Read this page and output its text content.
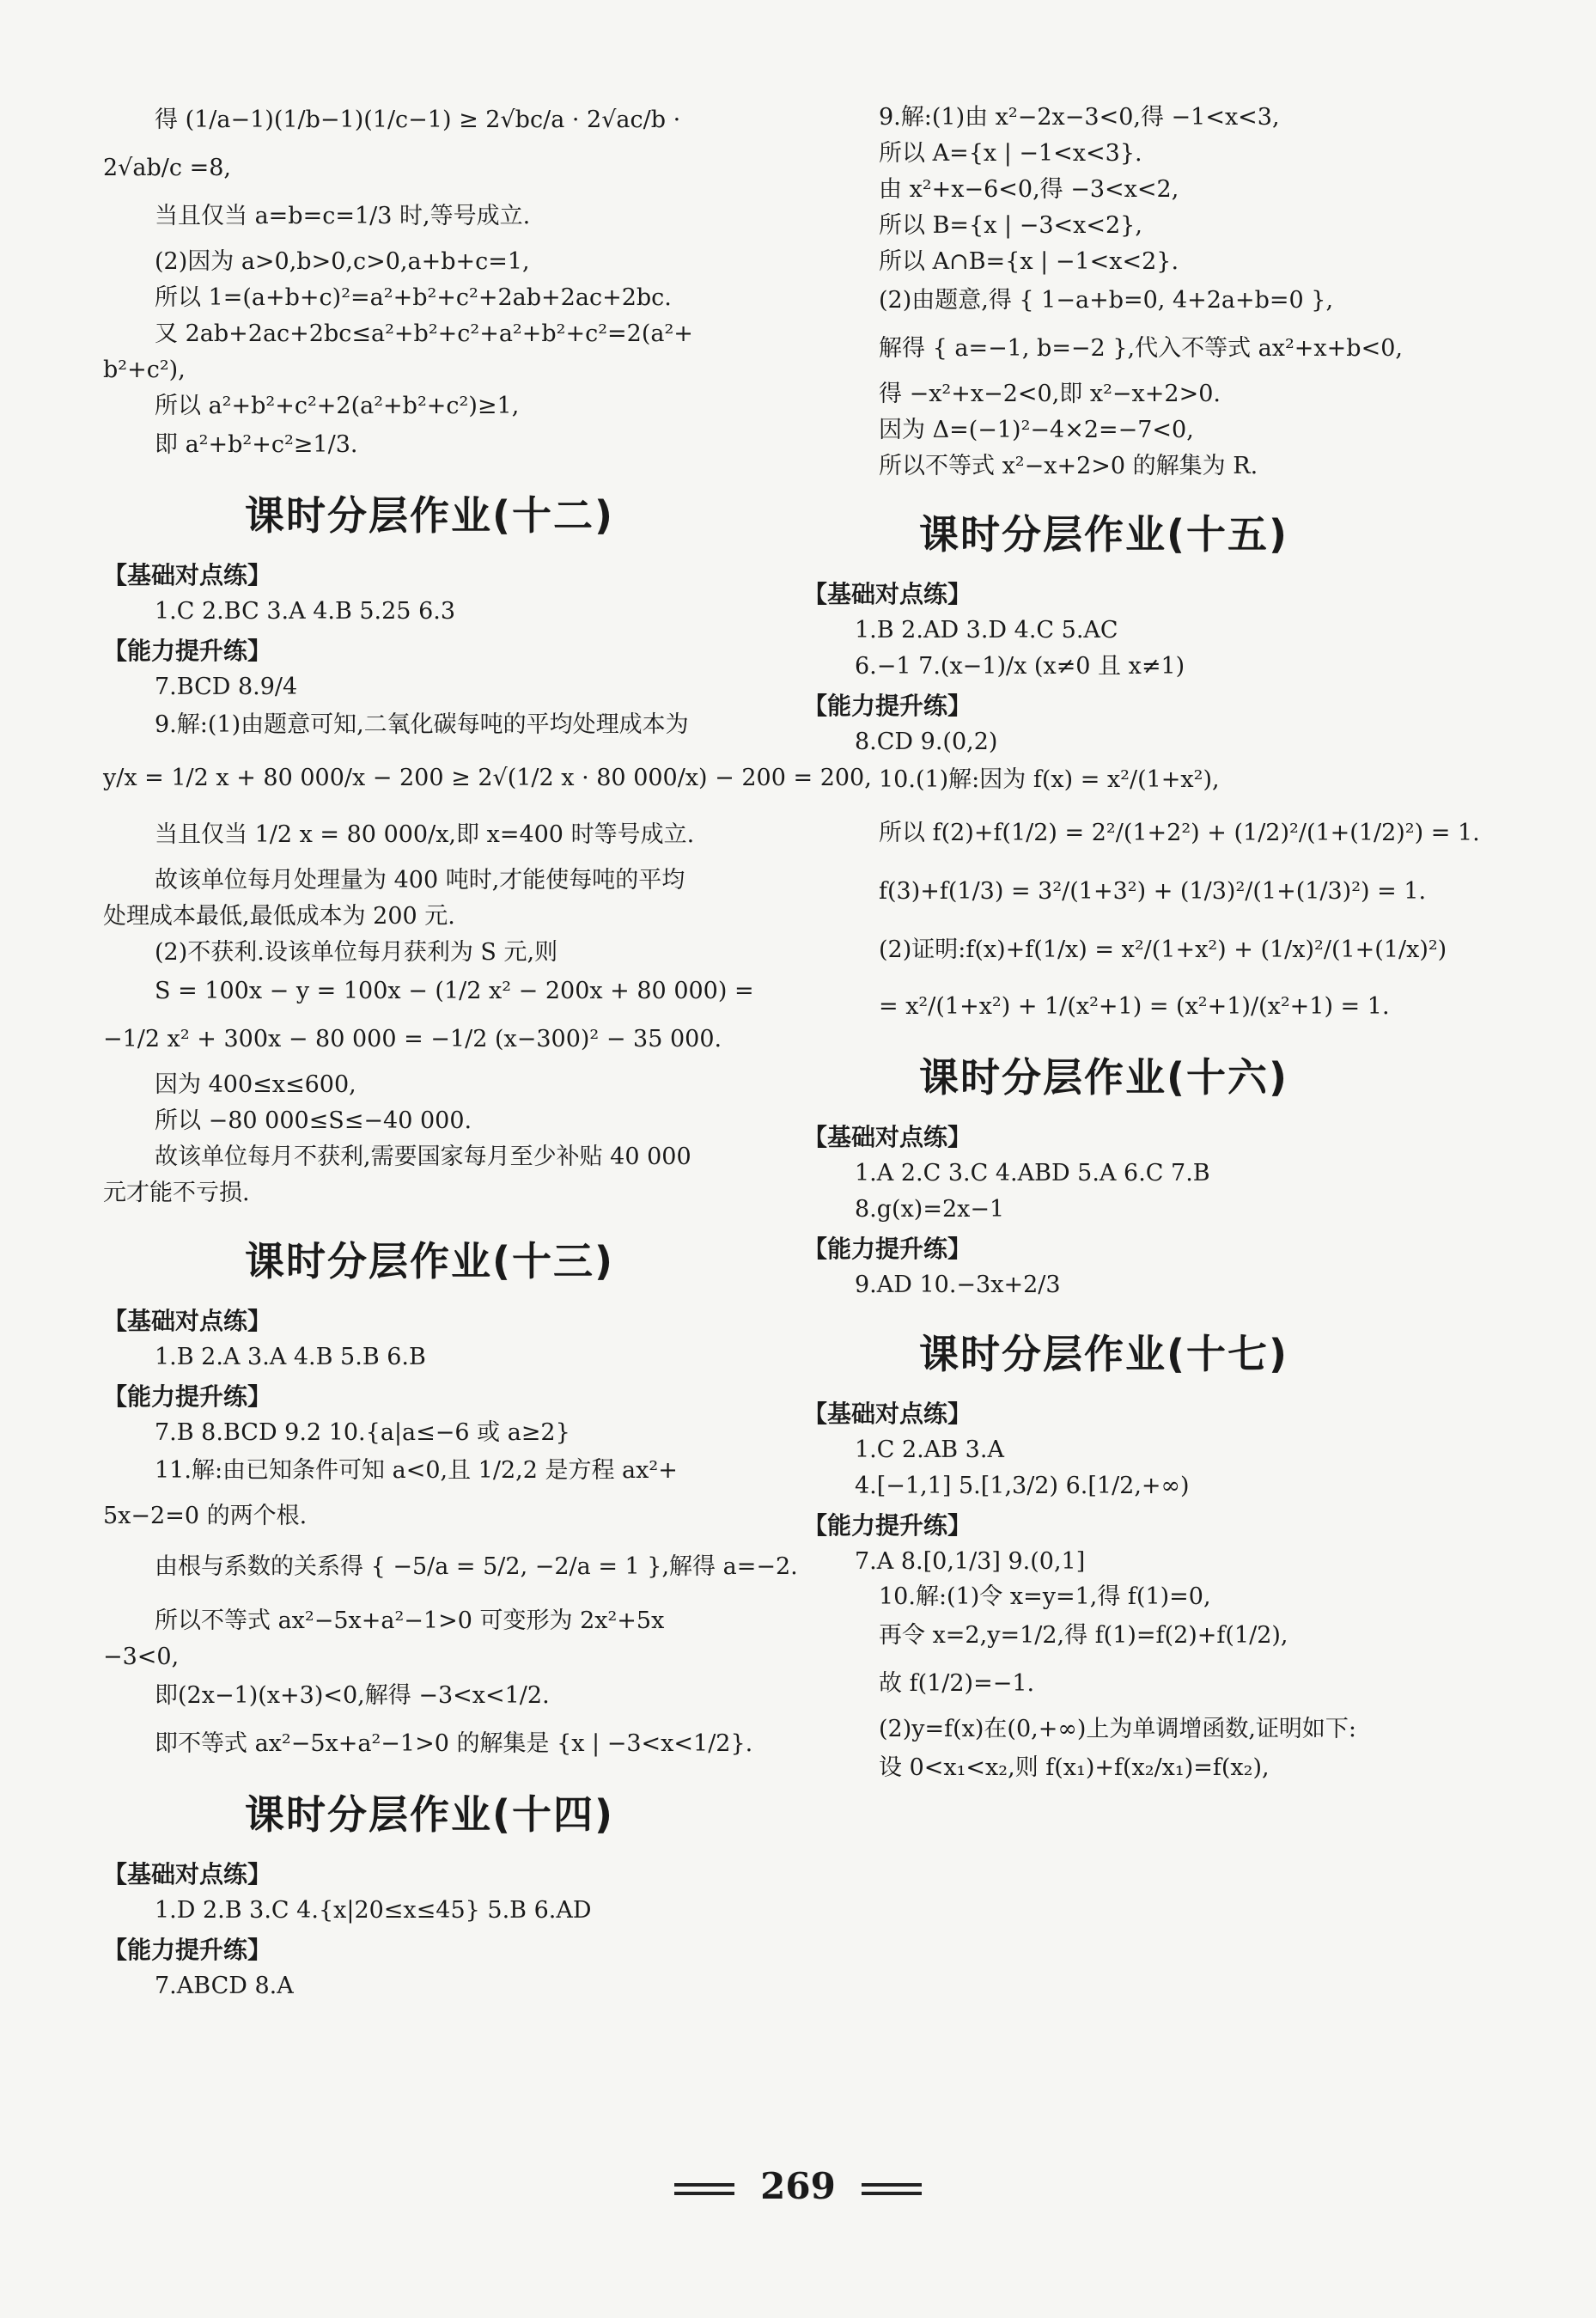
得 (1/a−1)(1/b−1)(1/c−1) ≥ 2√bc/a · 2√ac/b ·
2√ab/c =8,
当且仅当 a=b=c=1/3 时,等号成立.
(2)因为 a>0,b>0,c>0,a+b+c=1,
所以 1=(a+b+c)²=a²+b²+c²+2ab+2ac+2bc.
又 2ab+2ac+2bc≤a²+b²+c²+a²+b²+c²=2(a²+
b²+c²),
所以 a²+b²+c²+2(a²+b²+c²)≥1,
即 a²+b²+c²≥1/3.
课时分层作业(十二)
【基础对点练】
1.C 2.BC 3.A 4.B 5.25 6.3
【能力提升练】
7.BCD 8.9/4
9.解:(1)由题意可知,二氧化碳每吨的平均处理成本为
y/x = 1/2 x + 80 000/x − 200 ≥ 2√(1/2 x · 80 000/x) − 200 = 200,
当且仅当 1/2 x = 80 000/x,即 x=400 时等号成立.
故该单位每月处理量为 400 吨时,才能使每吨的平均
处理成本最低,最低成本为 200 元.
(2)不获利.设该单位每月获利为 S 元,则
S = 100x − y = 100x − (1/2 x² − 200x + 80 000) =
−1/2 x² + 300x − 80 000 = −1/2 (x−300)² − 35 000.
因为 400≤x≤600,
所以 −80 000≤S≤−40 000.
故该单位每月不获利,需要国家每月至少补贴 40 000
元才能不亏损.
课时分层作业(十三)
【基础对点练】
1.B 2.A 3.A 4.B 5.B 6.B
【能力提升练】
7.B 8.BCD 9.2 10.{a|a≤−6 或 a≥2}
11.解:由已知条件可知 a<0,且 1/2,2 是方程 ax²+
5x−2=0 的两个根.
由根与系数的关系得 { −5/a = 5/2, −2/a = 1 },解得 a=−2.
所以不等式 ax²−5x+a²−1>0 可变形为 2x²+5x
−3<0,
即(2x−1)(x+3)<0,解得 −3<x<1/2.
即不等式 ax²−5x+a²−1>0 的解集是 {x | −3<x<1/2}.
课时分层作业(十四)
【基础对点练】
1.D 2.B 3.C 4.{x|20≤x≤45} 5.B 6.AD
【能力提升练】
7.ABCD 8.A
9.解:(1)由 x²−2x−3<0,得 −1<x<3,
所以 A={x | −1<x<3}.
由 x²+x−6<0,得 −3<x<2,
所以 B={x | −3<x<2},
所以 A∩B={x | −1<x<2}.
(2)由题意,得 { 1−a+b=0, 4+2a+b=0 },
解得 { a=−1, b=−2 },代入不等式 ax²+x+b<0,
得 −x²+x−2<0,即 x²−x+2>0.
因为 Δ=(−1)²−4×2=−7<0,
所以不等式 x²−x+2>0 的解集为 R.
课时分层作业(十五)
【基础对点练】
1.B 2.AD 3.D 4.C 5.AC
6.−1 7.(x−1)/x (x≠0 且 x≠1)
【能力提升练】
8.CD 9.(0,2)
10.(1)解:因为 f(x) = x²/(1+x²),
所以 f(2)+f(1/2) = 2²/(1+2²) + (1/2)²/(1+(1/2)²) = 1.
f(3)+f(1/3) = 3²/(1+3²) + (1/3)²/(1+(1/3)²) = 1.
(2)证明:f(x)+f(1/x) = x²/(1+x²) + (1/x)²/(1+(1/x)²)
= x²/(1+x²) + 1/(x²+1) = (x²+1)/(x²+1) = 1.
课时分层作业(十六)
【基础对点练】
1.A 2.C 3.C 4.ABD 5.A 6.C 7.B
8.g(x)=2x−1
【能力提升练】
9.AD 10.−3x+2/3
课时分层作业(十七)
【基础对点练】
1.C 2.AB 3.A
4.[−1,1] 5.[1,3/2) 6.[1/2,+∞)
【能力提升练】
7.A 8.[0,1/3] 9.(0,1]
10.解:(1)令 x=y=1,得 f(1)=0,
再令 x=2,y=1/2,得 f(1)=f(2)+f(1/2),
故 f(1/2)=−1.
(2)y=f(x)在(0,+∞)上为单调增函数,证明如下:
设 0<x₁<x₂,则 f(x₁)+f(x₂/x₁)=f(x₂),
269
